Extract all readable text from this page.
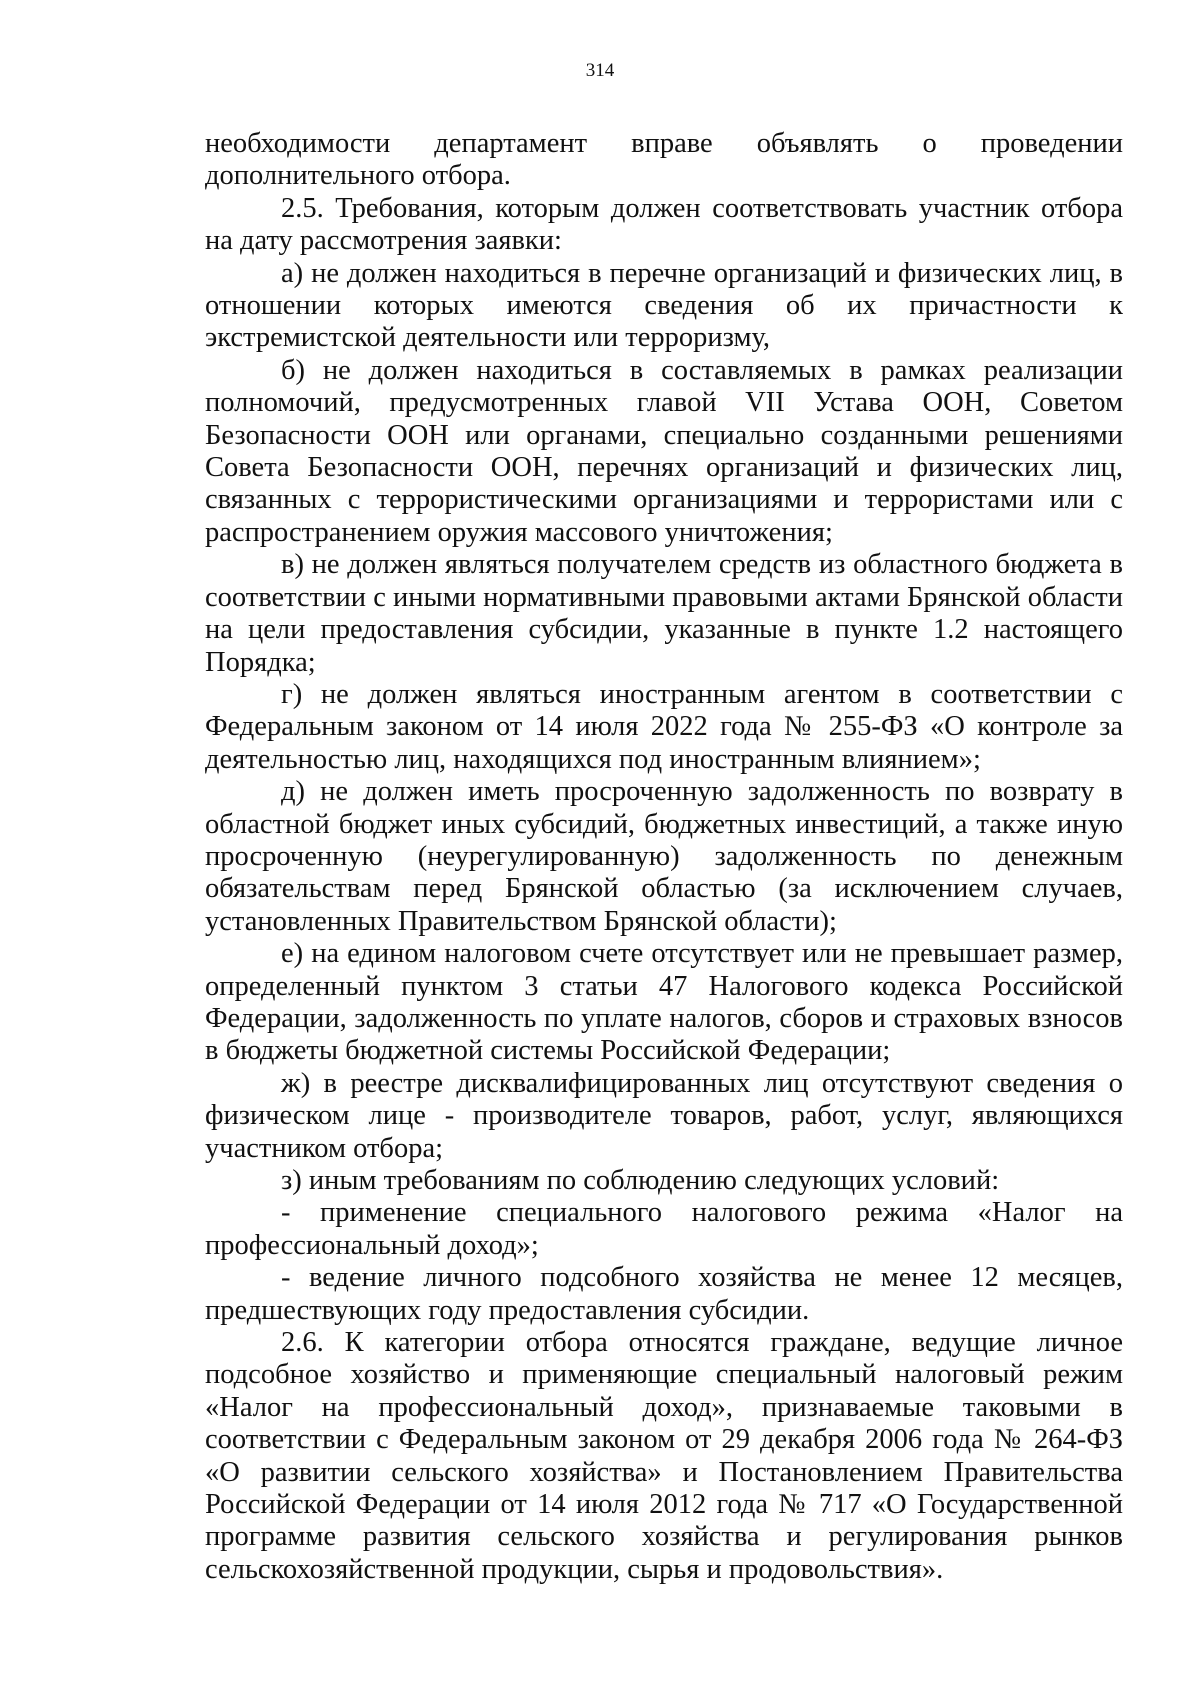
314

необходимости департамент вправе объявлять о проведении дополнительного отбора.

2.5. Требования, которым должен соответствовать участник отбора на дату рассмотрения заявки:

а) не должен находиться в перечне организаций и физических лиц, в отношении которых имеются сведения об их причастности к экстремистской деятельности или терроризму,

б) не должен находиться в составляемых в рамках реализации полномочий, предусмотренных главой VII Устава ООН, Советом Безопасности ООН или органами, специально созданными решениями Совета Безопасности ООН, перечнях организаций и физических лиц, связанных с террористическими организациями и террористами или с распространением оружия массового уничтожения;

в) не должен являться получателем средств из областного бюджета в соответствии с иными нормативными правовыми актами Брянской области на цели предоставления субсидии, указанные в пункте 1.2 настоящего Порядка;

г) не должен являться иностранным агентом в соответствии с Федеральным законом от 14 июля 2022 года № 255-ФЗ «О контроле за деятельностью лиц, находящихся под иностранным влиянием»;

д) не должен иметь просроченную задолженность по возврату в областной бюджет иных субсидий, бюджетных инвестиций, а также иную просроченную (неурегулированную) задолженность по денежным обязательствам перед Брянской областью (за исключением случаев, установленных Правительством Брянской области);

е) на едином налоговом счете отсутствует или не превышает размер, определенный пунктом 3 статьи 47 Налогового кодекса Российской Федерации, задолженность по уплате налогов, сборов и страховых взносов в бюджеты бюджетной системы Российской Федерации;

ж) в реестре дисквалифицированных лиц отсутствуют сведения о физическом лице - производителе товаров, работ, услуг, являющихся участником отбора;

з) иным требованиям по соблюдению следующих условий:

- применение специального налогового режима «Налог на профессиональный доход»;

- ведение личного подсобного хозяйства не менее 12 месяцев, предшествующих году предоставления субсидии.

2.6. К категории отбора относятся граждане, ведущие личное подсобное хозяйство и применяющие специальный налоговый режим «Налог на профессиональный доход», признаваемые таковыми в соответствии с Федеральным законом от 29 декабря 2006 года № 264-ФЗ «О развитии сельского хозяйства» и Постановлением Правительства Российской Федерации от 14 июля 2012 года № 717 «О Государственной программе развития сельского хозяйства и регулирования рынков сельскохозяйственной продукции, сырья и продовольствия».
